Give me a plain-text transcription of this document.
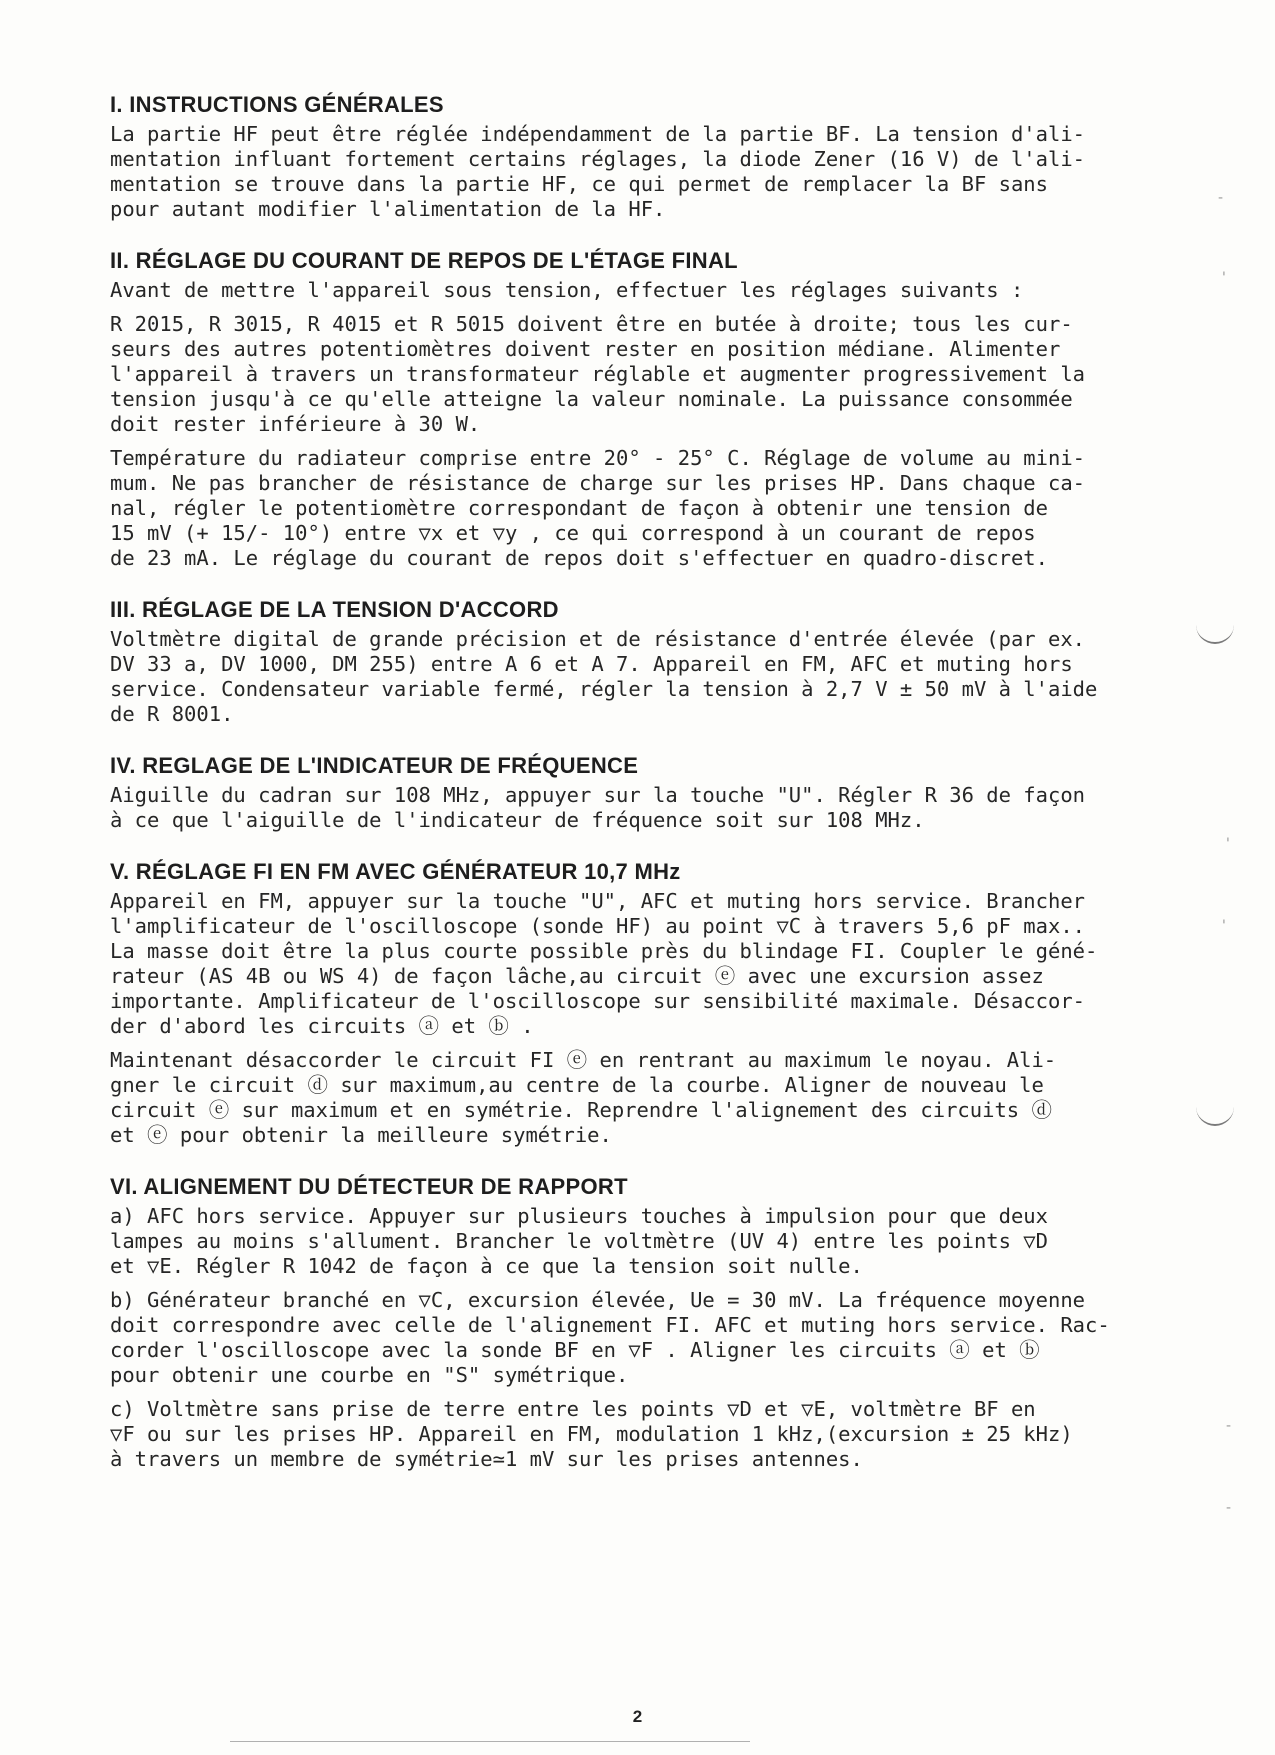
I. INSTRUCTIONS GÉNÉRALES

La partie HF peut être réglée indépendamment de la partie BF. La tension d'ali-
mentation influant fortement certains réglages, la diode Zener (16 V) de l'ali-
mentation se trouve dans la partie HF, ce qui permet de remplacer la BF sans
pour autant modifier l'alimentation de la HF.

II. RÉGLAGE DU COURANT DE REPOS DE L'ÉTAGE FINAL

Avant de mettre l'appareil sous tension, effectuer les réglages suivants :

R 2015, R 3015, R 4015 et R 5015 doivent être en butée à droite; tous les cur-
seurs des autres potentiomètres doivent rester en position médiane. Alimenter
l'appareil à travers un transformateur réglable et augmenter progressivement la
tension jusqu'à ce qu'elle atteigne la valeur nominale. La puissance consommée
doit rester inférieure à 30 W.

Température du radiateur comprise entre 20° - 25° C. Réglage de volume au mini-
mum. Ne pas brancher de résistance de charge sur les prises HP. Dans chaque ca-
nal, régler le potentiomètre correspondant de façon à obtenir une tension de
15 mV (+ 15/- 10°) entre ▽x et ▽y , ce qui correspond à un courant de repos
de 23 mA. Le réglage du courant de repos doit s'effectuer en quadro-discret.

III. RÉGLAGE DE LA TENSION D'ACCORD

Voltmètre digital de grande précision et de résistance d'entrée élevée (par ex.
DV 33 a, DV 1000, DM 255) entre A 6 et A 7. Appareil en FM, AFC et muting hors
service. Condensateur variable fermé, régler la tension à 2,7 V ± 50 mV à l'aide
de R 8001.

IV. REGLAGE DE L'INDICATEUR DE FRÉQUENCE

Aiguille du cadran sur 108 MHz, appuyer sur la touche "U". Régler R 36 de façon
à ce que l'aiguille de l'indicateur de fréquence soit sur 108 MHz.

V. RÉGLAGE FI EN FM AVEC GÉNÉRATEUR 10,7 MHz

Appareil en FM, appuyer sur la touche "U", AFC et muting hors service. Brancher
l'amplificateur de l'oscilloscope (sonde HF) au point ▽C à travers 5,6 pF max..
La masse doit être la plus courte possible près du blindage FI. Coupler le géné-
rateur (AS 4B ou WS 4) de façon lâche,au circuit ⓔ avec une excursion assez
importante. Amplificateur de l'oscilloscope sur sensibilité maximale. Désaccor-
der d'abord les circuits ⓐ et ⓑ .

Maintenant désaccorder le circuit FI ⓔ en rentrant au maximum le noyau. Ali-
gner le circuit ⓓ sur maximum,au centre de la courbe. Aligner de nouveau le
circuit ⓔ sur maximum et en symétrie. Reprendre l'alignement des circuits ⓓ
et ⓔ pour obtenir la meilleure symétrie.

VI. ALIGNEMENT DU DÉTECTEUR DE RAPPORT

a) AFC hors service. Appuyer sur plusieurs touches à impulsion pour que deux
lampes au moins s'allument. Brancher le voltmètre (UV 4) entre les points ▽D
et ▽E. Régler R 1042 de façon à ce que la tension soit nulle.

b) Générateur branché en ▽C, excursion élevée, Ue = 30 mV. La fréquence moyenne
doit correspondre avec celle de l'alignement FI. AFC et muting hors service. Rac-
corder l'oscilloscope avec la sonde BF en ▽F . Aligner les circuits ⓐ et ⓑ
pour obtenir une courbe en "S" symétrique.

c) Voltmètre sans prise de terre entre les points ▽D et ▽E, voltmètre BF en
▽F ou sur les prises HP. Appareil en FM, modulation 1 kHz,(excursion ± 25 kHz)
à travers un membre de symétrie≃1 mV sur les prises antennes.

-
'
'
'
-
-
2
